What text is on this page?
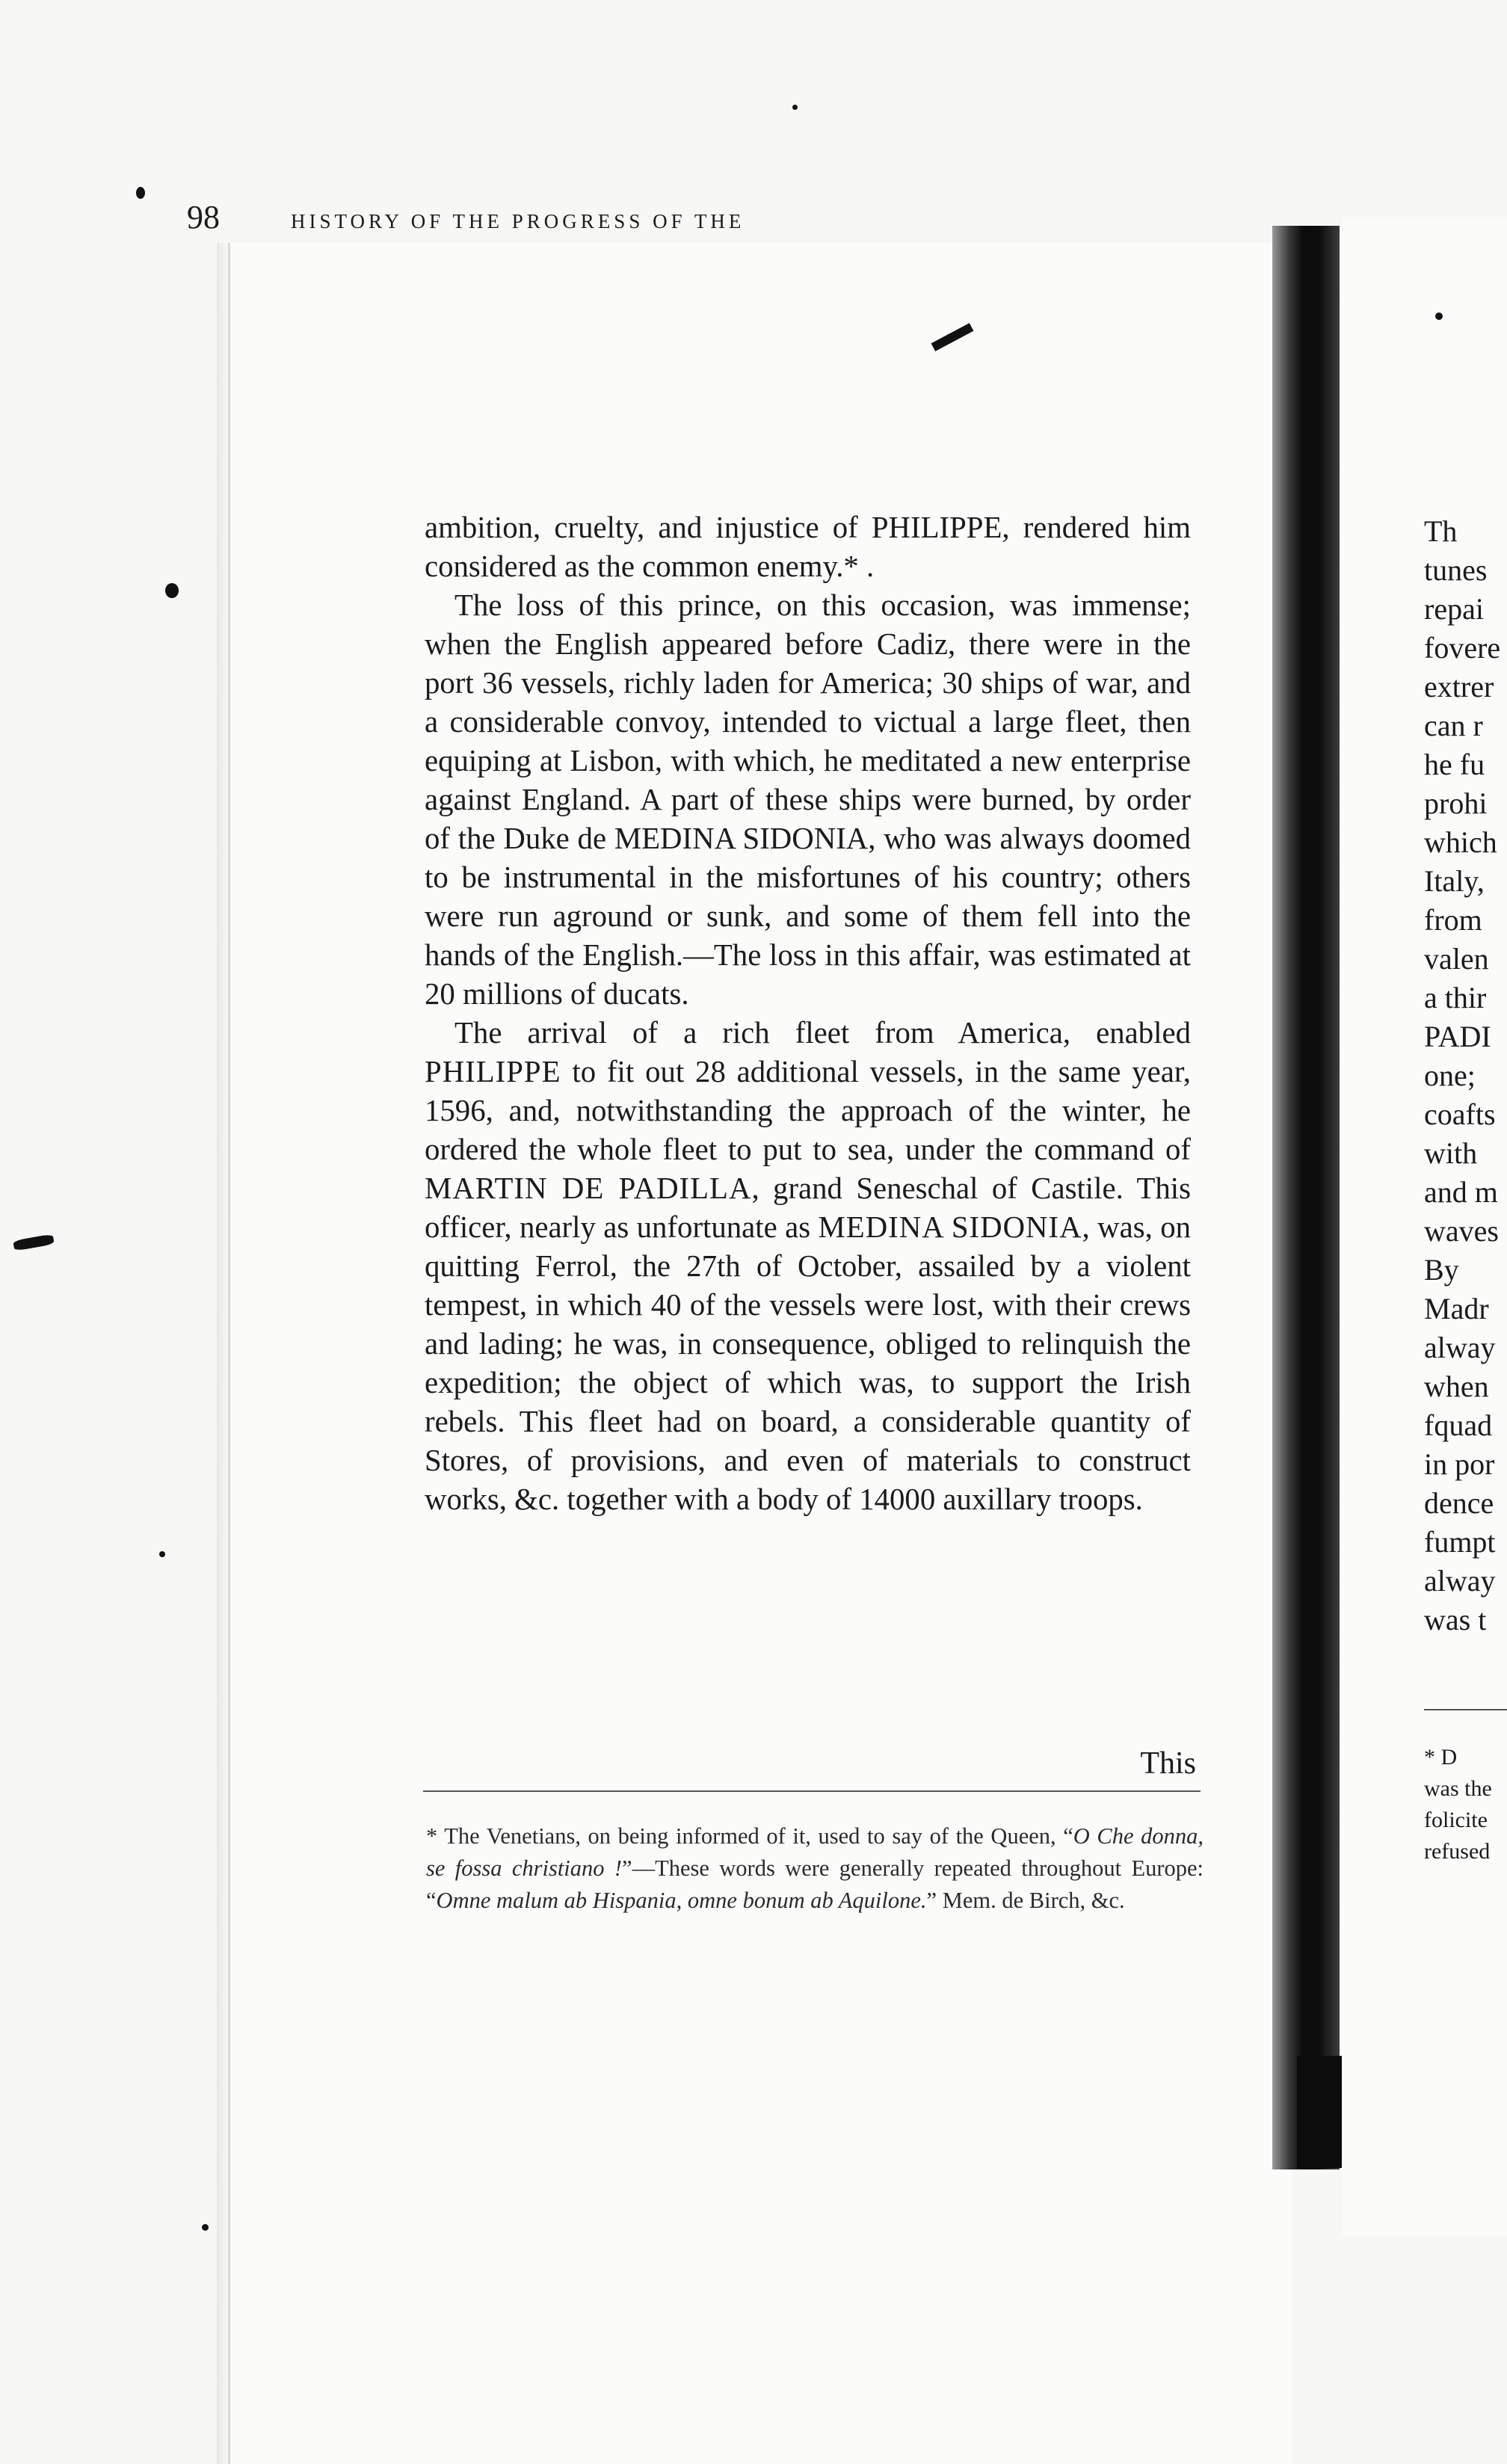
98	HISTORY OF THE PROGRESS OF THE

ambition, cruelty, and injustice of PHILIPPE, rendered him considered as the common enemy.* .

The loss of this prince, on this occasion, was immense; when the English appeared before Cadiz, there were in the port 36 vessels, richly laden for America; 30 ships of war, and a considerable convoy, intended to victual a large fleet, then equiping at Lisbon, with which, he meditated a new enterprise against England. A part of these ships were burned, by order of the Duke de MEDINA SIDONIA, who was always doomed to be instrumental in the misfortunes of his country; others were run aground or sunk, and some of them fell into the hands of the English.—The loss in this affair, was estimated at 20 millions of ducats.

The arrival of a rich fleet from America, enabled PHILIPPE to fit out 28 additional vessels, in the same year, 1596, and, notwithstanding the approach of the winter, he ordered the whole fleet to put to sea, under the command of MARTIN DE PADILLA, grand Seneschal of Castile. This officer, nearly as unfortunate as MEDINA SIDONIA, was, on quitting Ferrol, the 27th of October, assailed by a violent tempest, in which 40 of the vessels were lost, with their crews and lading; he was, in consequence, obliged to relinquish the expedition; the object of which was, to support the Irish rebels. This fleet had on board, a considerable quantity of Stores, of provisions, and even of materials to construct works, &c. together with a body of 14000 auxillary troops.

This
* The Venetians, on being informed of it, used to say of the Queen, “O Che donna, se fossa christiano !”—These words were generally repeated throughout Europe: “Omne malum ab Hispania, omne bonum ab Aquilone.” Mem. de Birch, &c.
Th
tunes
repai
fovere
extrer
can r
he fu
prohi
which
Italy,
from
valen
a thir
PADI
one;
coafts
with
and m
waves
By
Madr
alway
when
fquad
in por
dence
fumpt
alway
was t
* D
was the
folicite
refused
